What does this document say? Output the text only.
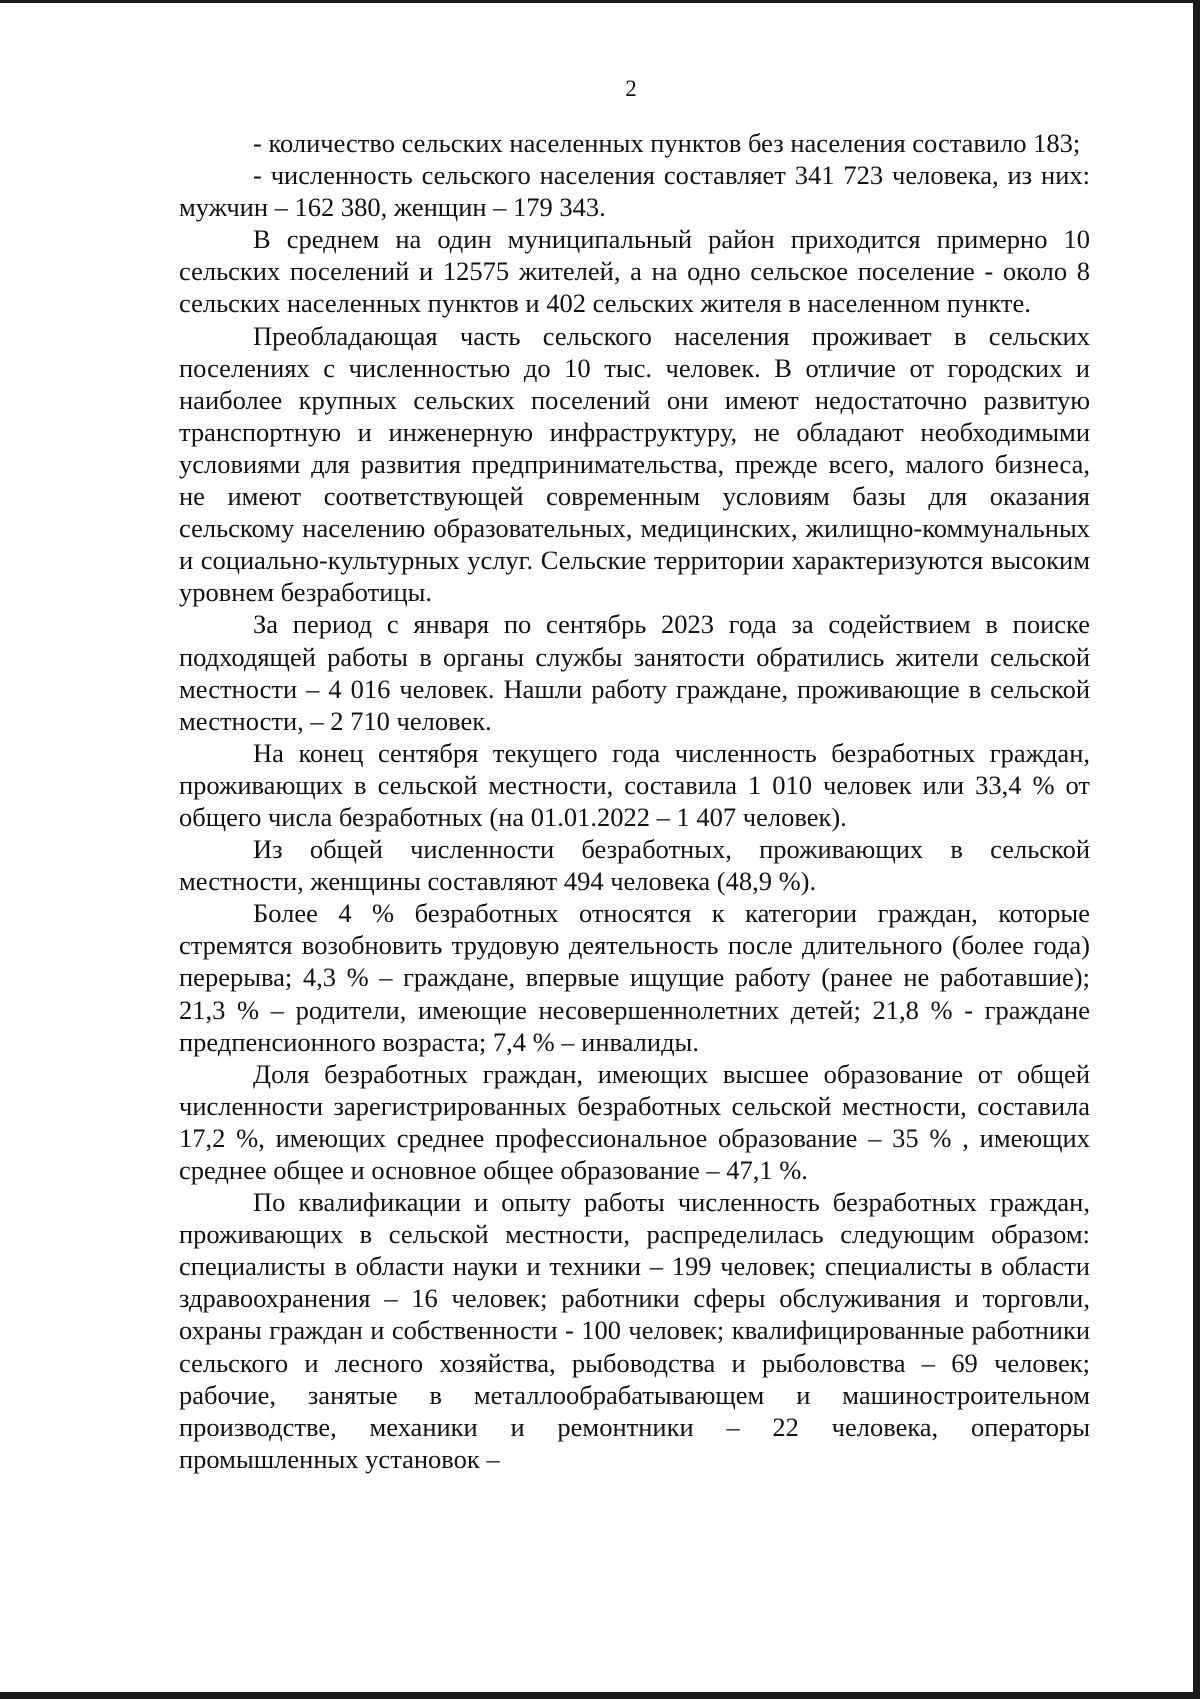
2

- количество сельских населенных пунктов без населения составило 183;

- численность сельского населения составляет 341 723 человека, из них: мужчин – 162 380, женщин – 179 343.

В среднем на один муниципальный район приходится примерно 10 сельских поселений и 12575 жителей, а на одно сельское поселение - около 8 сельских населенных пунктов и 402 сельских жителя в населенном пункте.

Преобладающая часть сельского населения проживает в сельских поселениях с численностью до 10 тыс. человек. В отличие от городских и наиболее крупных сельских поселений они имеют недостаточно развитую транспортную и инженерную инфраструктуру, не обладают необходимыми условиями для развития предпринимательства, прежде всего, малого бизнеса, не имеют соответствующей современным условиям базы для оказания сельскому населению образовательных, медицинских, жилищно-коммунальных и социально-культурных услуг. Сельские территории характеризуются высоким уровнем безработицы.

За период с января по сентябрь 2023 года за содействием в поиске подходящей работы в органы службы занятости обратились жители сельской местности – 4 016 человек. Нашли работу граждане, проживающие в сельской местности, – 2 710 человек.

На конец сентября текущего года численность безработных граждан, проживающих в сельской местности, составила 1 010 человек или 33,4 % от общего числа безработных (на 01.01.2022 – 1 407 человек).

Из общей численности безработных, проживающих в сельской местности, женщины составляют 494 человека (48,9 %).

Более 4 % безработных относятся к категории граждан, которые стремятся возобновить трудовую деятельность после длительного (более года) перерыва; 4,3 % – граждане, впервые ищущие работу (ранее не работавшие); 21,3 % – родители, имеющие несовершеннолетних детей; 21,8 % - граждане предпенсионного возраста; 7,4 % – инвалиды.

Доля безработных граждан, имеющих высшее образование от общей численности зарегистрированных безработных сельской местности, составила 17,2 %, имеющих среднее профессиональное образование – 35 % , имеющих среднее общее и основное общее образование – 47,1 %.

По квалификации и опыту работы численность безработных граждан, проживающих в сельской местности, распределилась следующим образом: специалисты в области науки и техники – 199 человек; специалисты в области здравоохранения – 16 человек; работники сферы обслуживания и торговли, охраны граждан и собственности - 100 человек; квалифицированные работники сельского и лесного хозяйства, рыбоводства и рыболовства – 69 человек; рабочие, занятые в металлообрабатывающем и машиностроительном производстве, механики и ремонтники – 22 человека, операторы промышленных установок –
